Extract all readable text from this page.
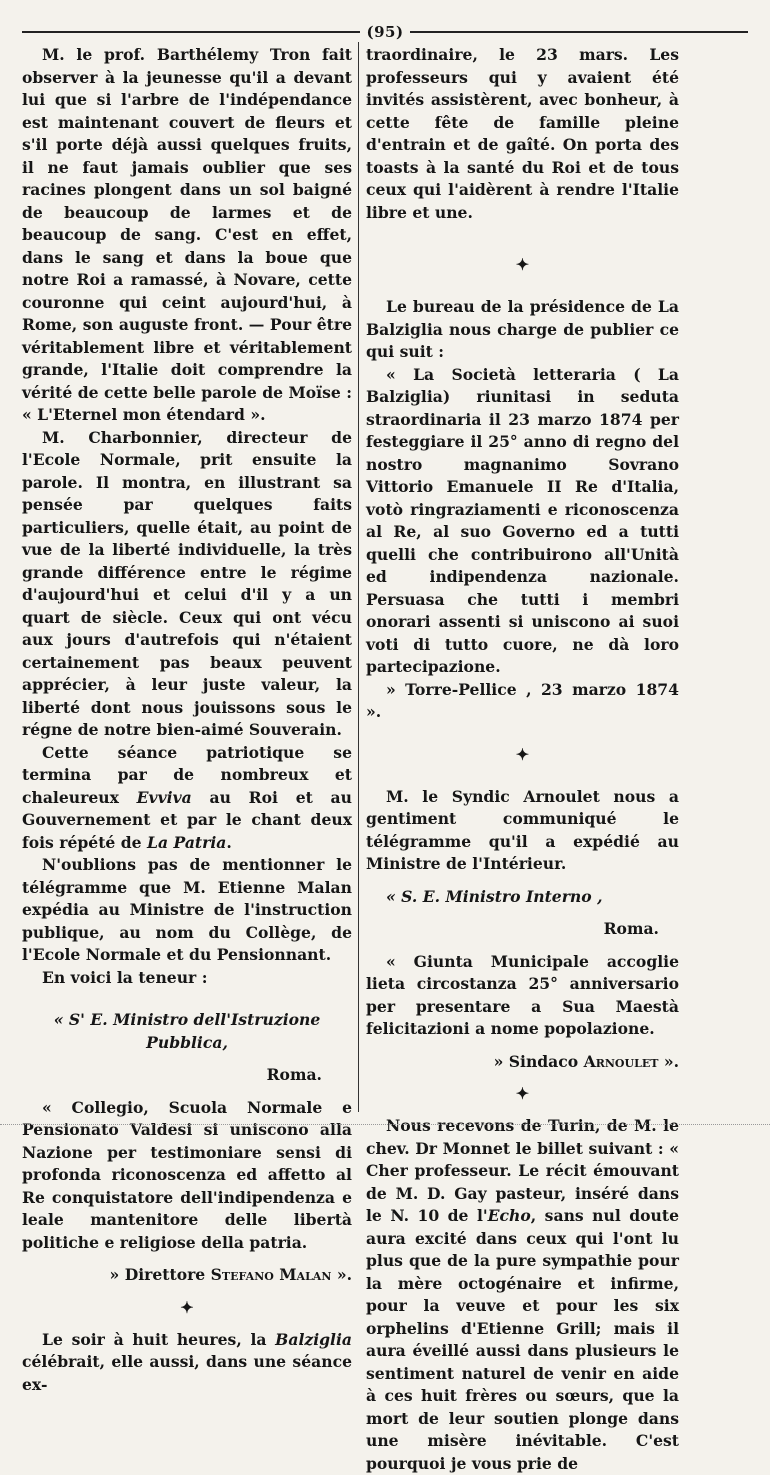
(95)

M. le prof. Barthélemy Tron fait observer à la jeunesse qu'il a devant lui que si l'arbre de l'indépendance est maintenant couvert de fleurs et s'il porte déjà aussi quelques fruits, il ne faut jamais oublier que ses racines plongent dans un sol baigné de beaucoup de larmes et de beaucoup de sang. C'est en effet, dans le sang et dans la boue que notre Roi a ramassé, à Novare, cette couronne qui ceint aujourd'hui, à Rome, son auguste front. — Pour être véritablement libre et véritablement grande, l'Italie doit comprendre la vérité de cette belle parole de Moïse : « L'Eternel mon étendard ».

M. Charbonnier, directeur de l'Ecole Normale, prit ensuite la parole. Il montra, en illustrant sa pensée par quelques faits particuliers, quelle était, au point de vue de la liberté individuelle, la très grande différence entre le régime d'aujourd'hui et celui d'il y a un quart de siècle. Ceux qui ont vécu aux jours d'autrefois qui n'étaient certainement pas beaux peuvent apprécier, à leur juste valeur, la liberté dont nous jouissons sous le régne de notre bien-aimé Souverain.

Cette séance patriotique se termina par de nombreux et chaleureux Evviva au Roi et au Gouvernement et par le chant deux fois répété de La Patria.

N'oublions pas de mentionner le télégramme que M. Etienne Malan expédia au Ministre de l'instruction publique, au nom du Collège, de l'Ecole Normale et du Pensionnant.

En voici la teneur :

« S' E. Ministro dell'Istruzione Pubblica,

Roma.

« Collegio, Scuola Normale e Pensionato Valdesi si uniscono alla Nazione per testimoniare sensi di profonda riconoscenza ed affetto al Re conquistatore dell'indipendenza e leale mantenitore delle libertà politiche e religiose della patria.

» Direttore Stefano Malan ».

✦

Le soir à huit heures, la Balziglia célébrait, elle aussi, dans une séance ex-

traordinaire, le 23 mars. Les professeurs qui y avaient été invités assistèrent, avec bonheur, à cette fête de famille pleine d'entrain et de gaîté. On porta des toasts à la santé du Roi et de tous ceux qui l'aidèrent à rendre l'Italie libre et une.

✦

Le bureau de la présidence de La Balziglia nous charge de publier ce qui suit :

« La Società letteraria ( La Balziglia) riunitasi in seduta straordinaria il 23 marzo 1874 per festeggiare il 25° anno di regno del nostro magnanimo Sovrano Vittorio Emanuele II Re d'Italia, votò ringraziamenti e riconoscenza al Re, al suo Governo ed a tutti quelli che contribuirono all'Unità ed indipendenza nazionale. Persuasa che tutti i membri onorari assenti si uniscono ai suoi voti di tutto cuore, ne dà loro partecipazione.

» Torre-Pellice , 23 marzo 1874 ».

✦

M. le Syndic Arnoulet nous a gentiment communiqué le télégramme qu'il a expédié au Ministre de l'Intérieur.

« S. E. Ministro Interno ,

Roma.

« Giunta Municipale accoglie lieta circostanza 25° anniversario per presentare a Sua Maestà felicitazioni a nome popolazione.

» Sindaco Arnoulet ».

✦

Nous recevons de Turin, de M. le chev. Dr Monnet le billet suivant : « Cher professeur. Le récit émouvant de M. D. Gay pasteur, inséré dans le N. 10 de l'Echo, sans nul doute aura excité dans ceux qui l'ont lu plus que de la pure sympathie pour la mère octogénaire et infirme, pour la veuve et pour les six orphelins d'Etienne Grill; mais il aura éveillé aussi dans plusieurs le sentiment naturel de venir en aide à ces huit frères ou sœurs, que la mort de leur soutien plonge dans une misère inévitable. C'est pourquoi je vous prie de
